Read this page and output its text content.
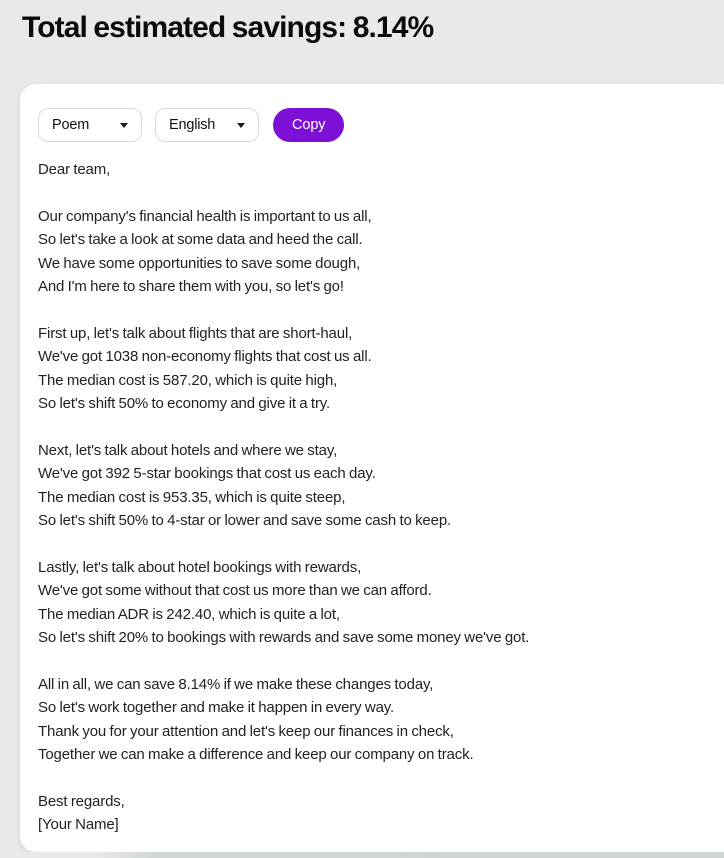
Total estimated savings: 8.14%
Poem	English	Copy

Dear team,

Our company's financial health is important to us all,
So let's take a look at some data and heed the call.
We have some opportunities to save some dough,
And I'm here to share them with you, so let's go!

First up, let's talk about flights that are short-haul,
We've got 1038 non-economy flights that cost us all.
The median cost is 587.20, which is quite high,
So let's shift 50% to economy and give it a try.

Next, let's talk about hotels and where we stay,
We've got 392 5-star bookings that cost us each day.
The median cost is 953.35, which is quite steep,
So let's shift 50% to 4-star or lower and save some cash to keep.

Lastly, let's talk about hotel bookings with rewards,
We've got some without that cost us more than we can afford.
The median ADR is 242.40, which is quite a lot,
So let's shift 20% to bookings with rewards and save some money we've got.

All in all, we can save 8.14% if we make these changes today,
So let's work together and make it happen in every way.
Thank you for your attention and let's keep our finances in check,
Together we can make a difference and keep our company on track.

Best regards,
[Your Name]
